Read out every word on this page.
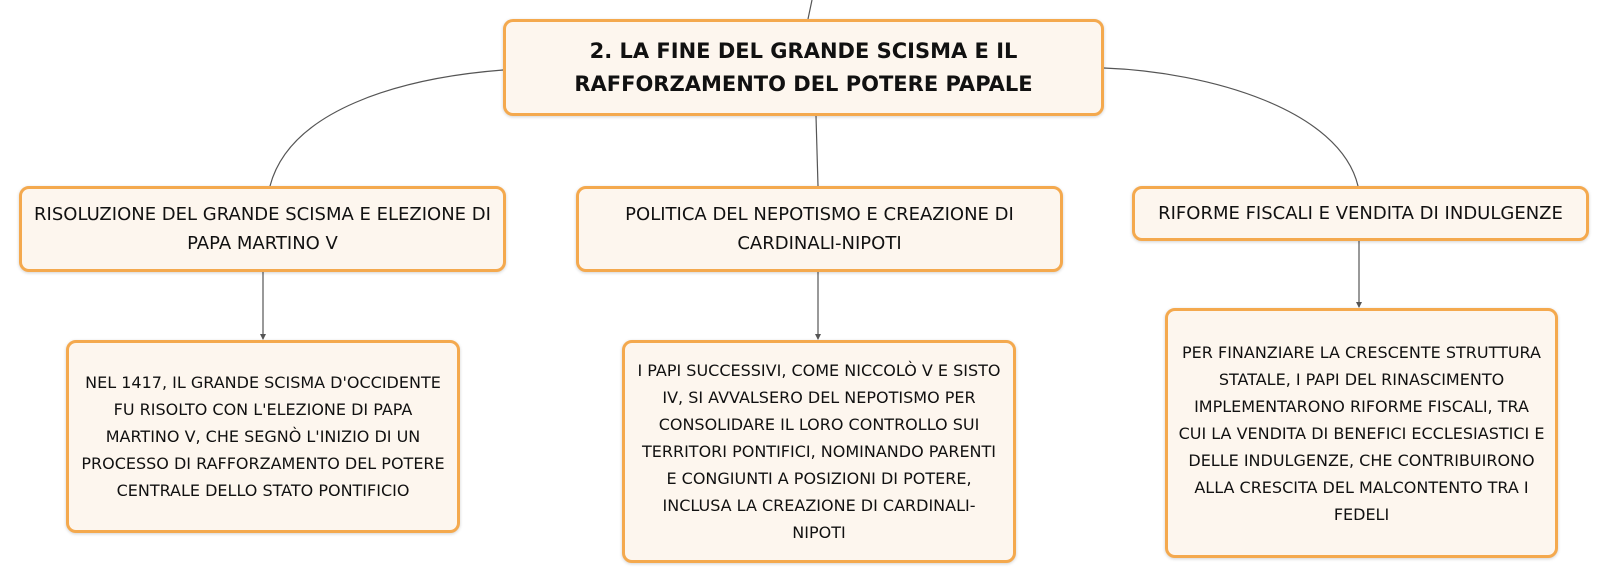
2. LA FINE DEL GRANDE SCISMA E IL
RAFFORZAMENTO DEL POTERE PAPALE
RISOLUZIONE DEL GRANDE SCISMA E ELEZIONE DI
PAPA MARTINO V
POLITICA DEL NEPOTISMO E CREAZIONE DI
CARDINALI-NIPOTI
RIFORME FISCALI E VENDITA DI INDULGENZE
NEL 1417, IL GRANDE SCISMA D'OCCIDENTE
FU RISOLTO CON L'ELEZIONE DI PAPA
MARTINO V, CHE SEGNÒ L'INIZIO DI UN
PROCESSO DI RAFFORZAMENTO DEL POTERE
CENTRALE DELLO STATO PONTIFICIO
I PAPI SUCCESSIVI, COME NICCOLÒ V E SISTO
IV, SI AVVALSERO DEL NEPOTISMO PER
CONSOLIDARE IL LORO CONTROLLO SUI
TERRITORI PONTIFICI, NOMINANDO PARENTI
E CONGIUNTI A POSIZIONI DI POTERE,
INCLUSA LA CREAZIONE DI CARDINALI-
NIPOTI
PER FINANZIARE LA CRESCENTE STRUTTURA
STATALE, I PAPI DEL RINASCIMENTO
IMPLEMENTARONO RIFORME FISCALI, TRA
CUI LA VENDITA DI BENEFICI ECCLESIASTICI E
DELLE INDULGENZE, CHE CONTRIBUIRONO
ALLA CRESCITA DEL MALCONTENTO TRA I
FEDELI
